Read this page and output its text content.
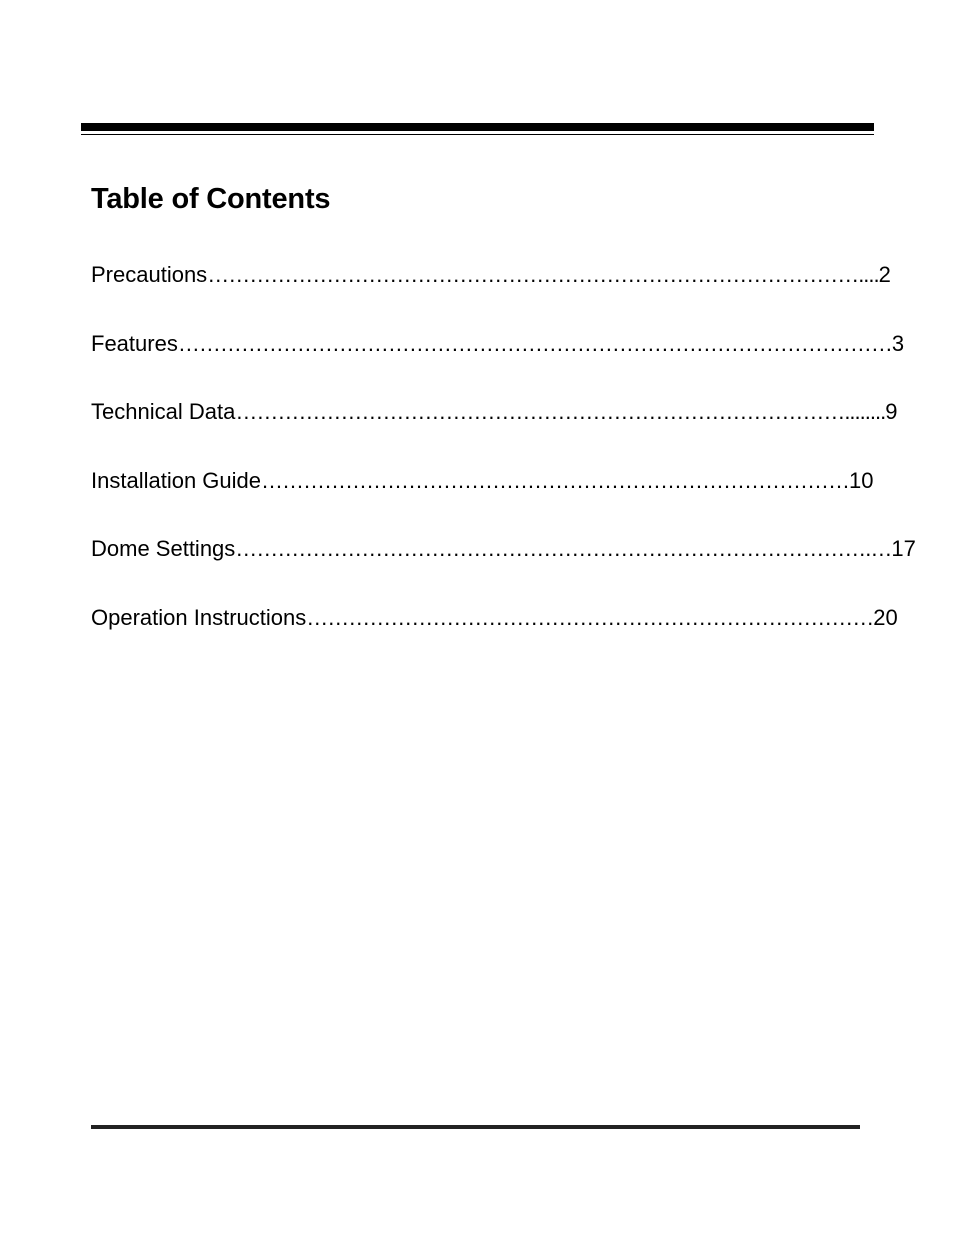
Table of Contents
Precautions…………………………………………………………………………………....2
Features…………………………………………………………………………………………3
Technical Data……………………………………………………………………………........9
Installation Guide…………………………………………………………………………10
Dome Settings……………………………………………………………………………….…17
Operation Instructions………………………………………………………………………20
